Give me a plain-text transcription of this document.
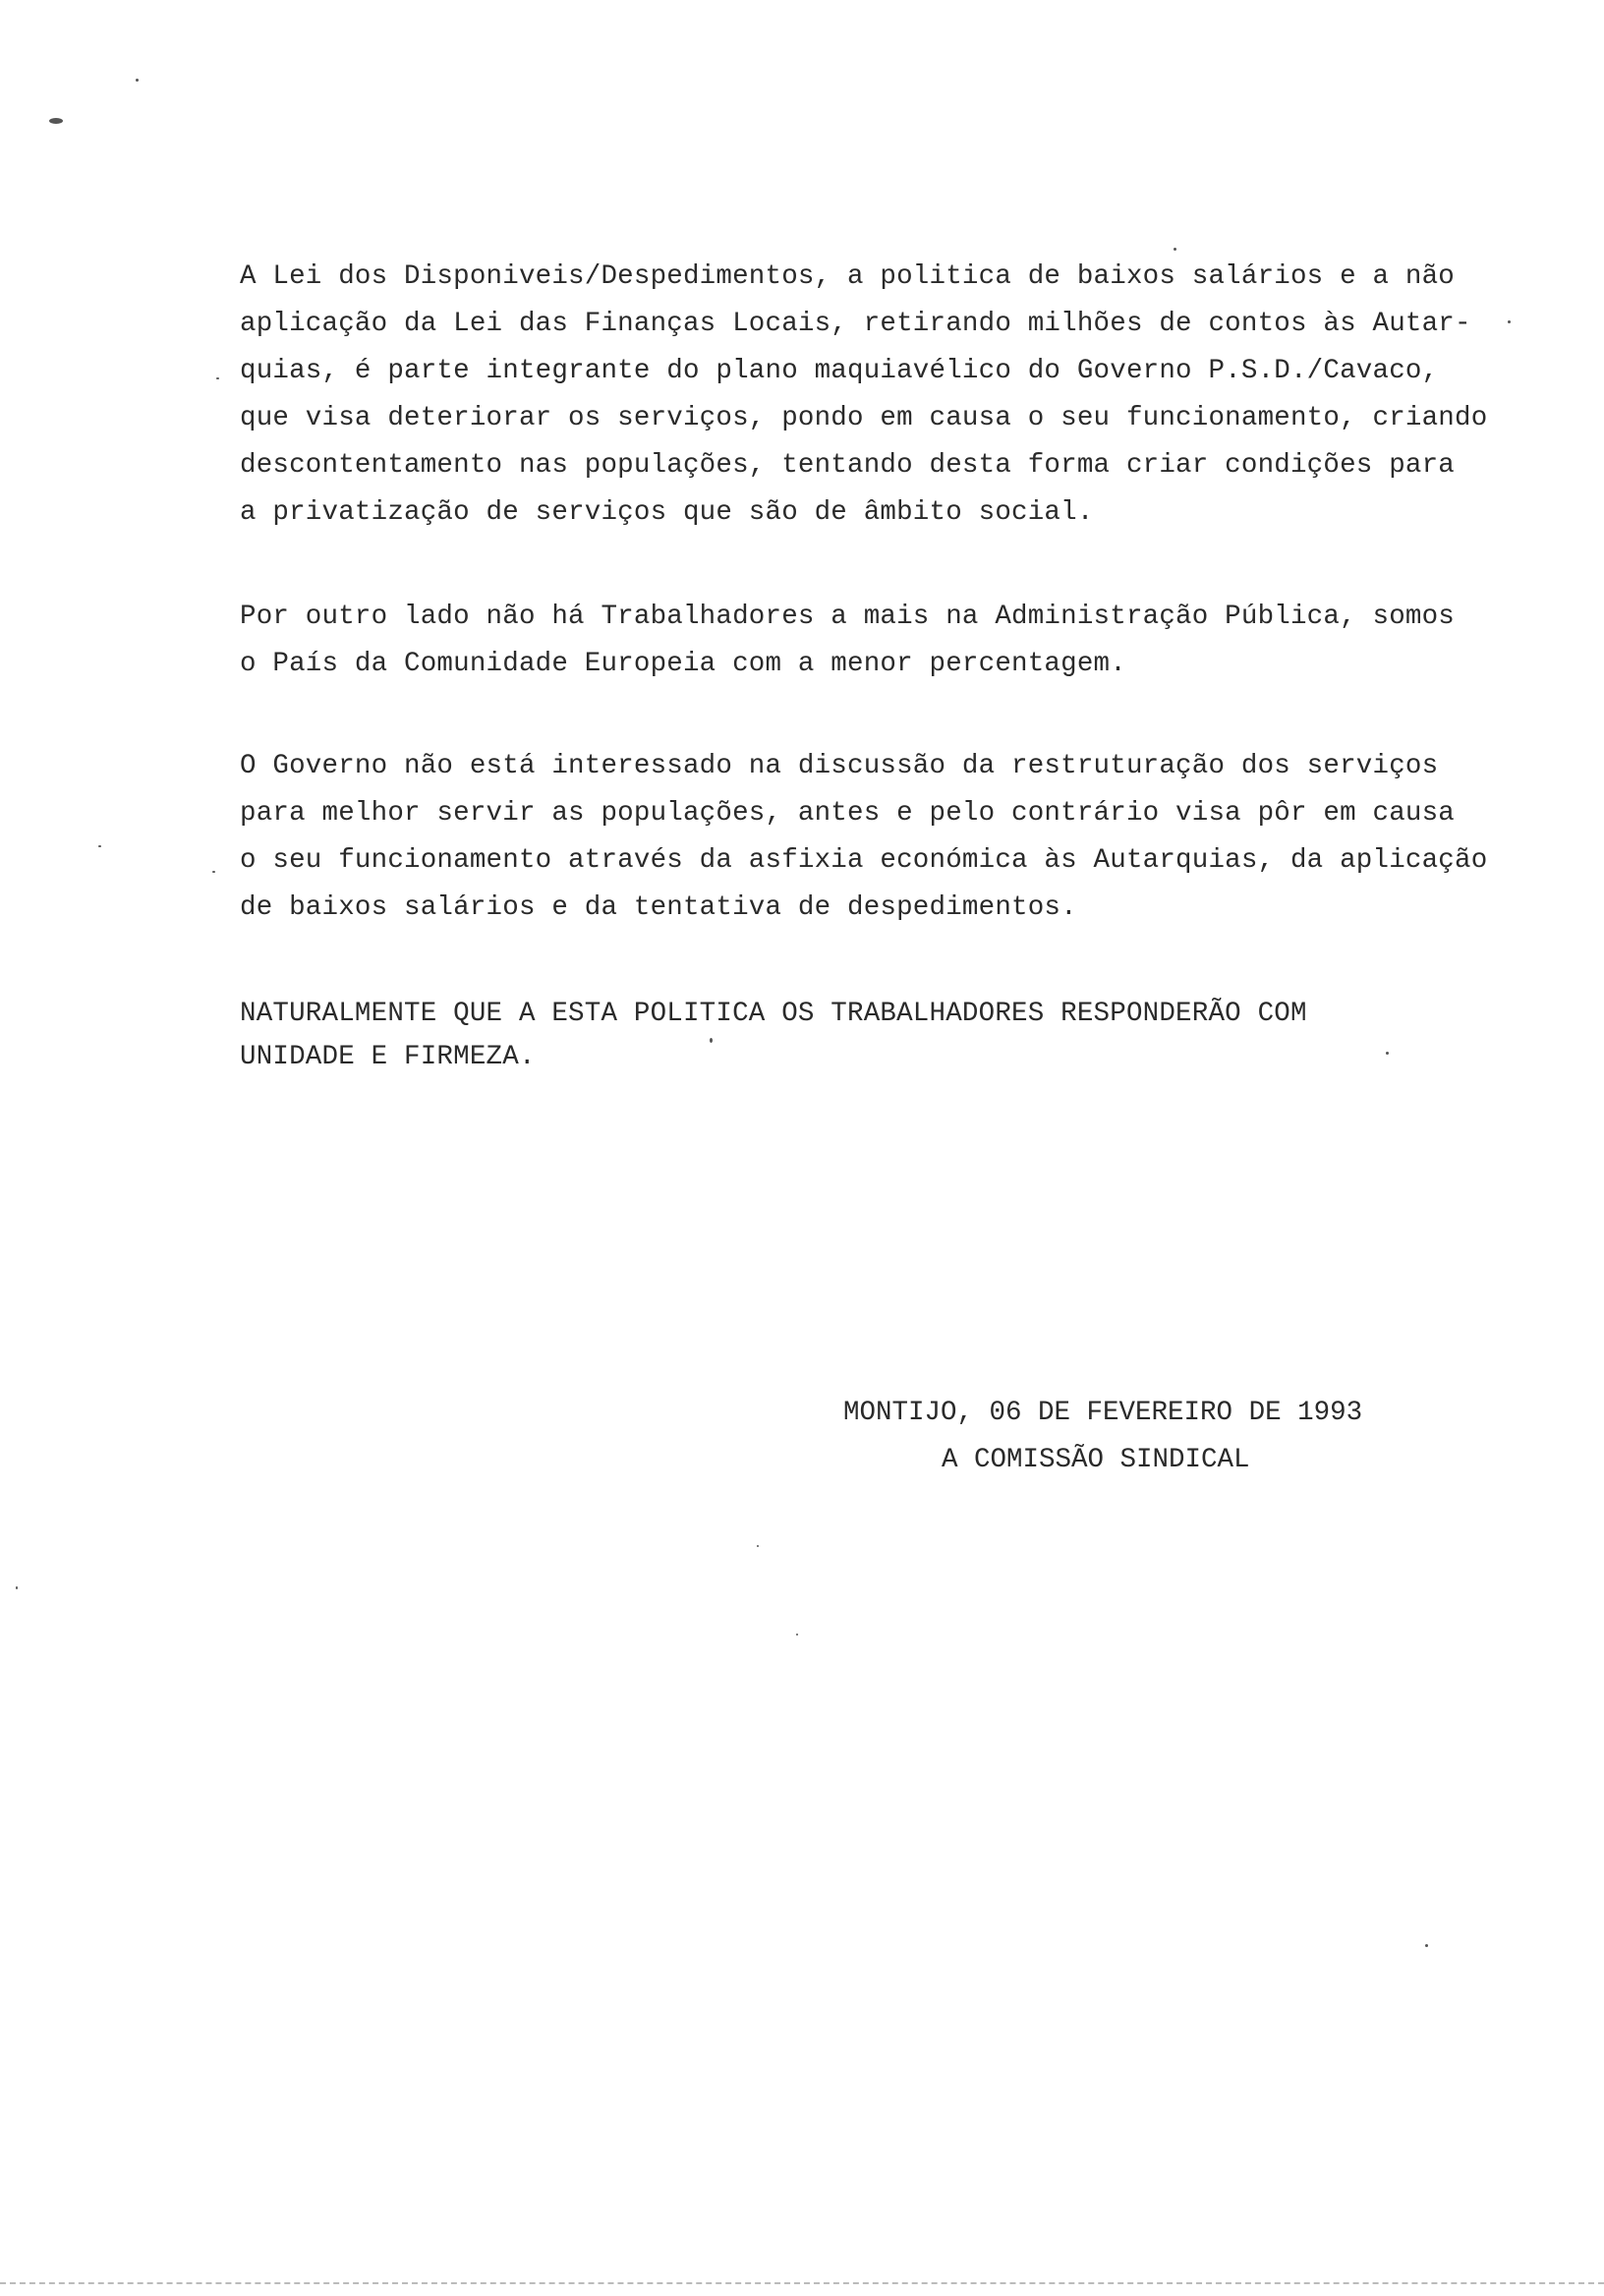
A Lei dos Disponiveis/Despedimentos, a politica de baixos salários e a não
aplicação da Lei das Finanças Locais, retirando milhões de contos às Autar-
quias, é parte integrante do plano maquiavélico do Governo P.S.D./Cavaco,
que visa deteriorar os serviços, pondo em causa o seu funcionamento, criando
descontentamento nas populações, tentando desta forma criar condições para
a privatização de serviços que são de âmbito social.
Por outro lado não há Trabalhadores a mais na Administração Pública, somos
o País da Comunidade Europeia com a menor percentagem.
O Governo não está interessado na discussão da restruturação dos serviços
para melhor servir as populações, antes e pelo contrário visa pôr em causa
o seu funcionamento através da asfixia económica às Autarquias, da aplicação
de baixos salários e da tentativa de despedimentos.
NATURALMENTE QUE A ESTA POLITICA OS TRABALHADORES RESPONDERÃO COM
UNIDADE E FIRMEZA.
MONTIJO, 06 DE FEVEREIRO DE 1993
A COMISSÃO SINDICAL
